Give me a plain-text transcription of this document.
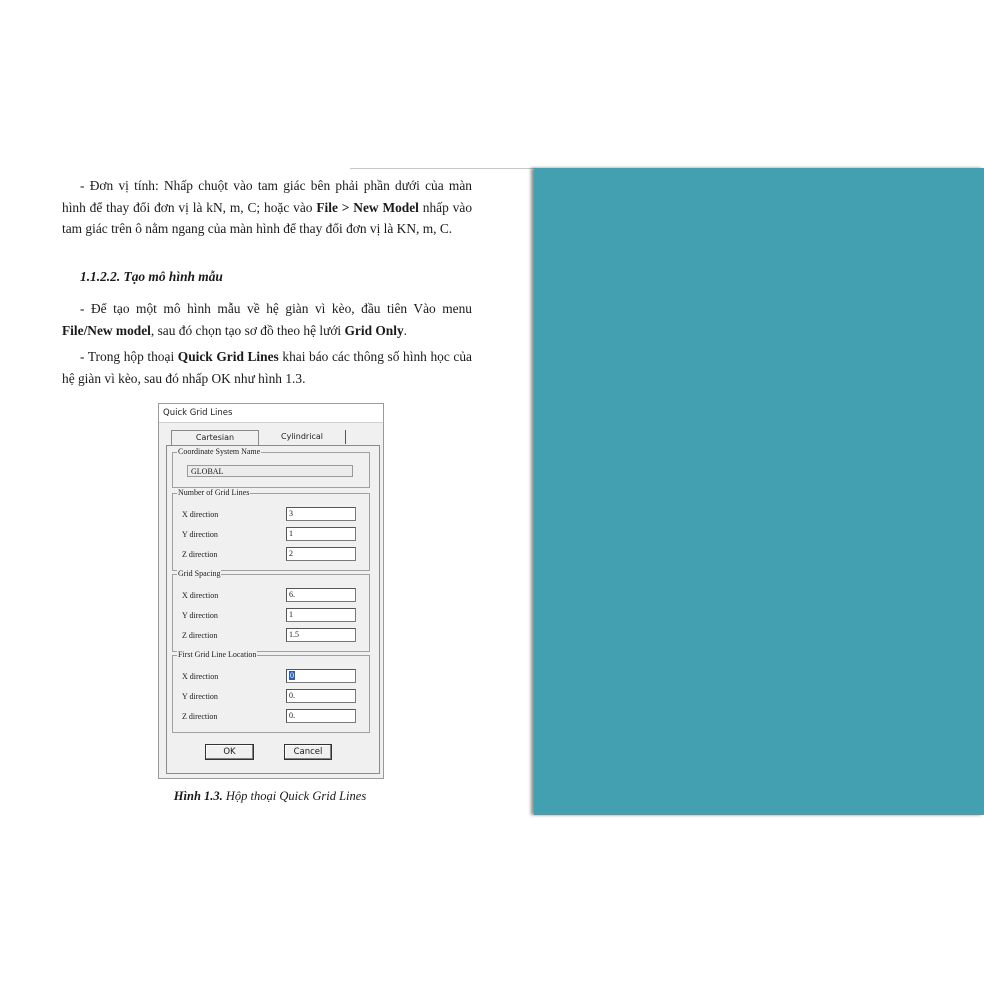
- Đơn vị tính: Nhấp chuột vào tam giác bên phải phần dưới của màn hình để thay đổi đơn vị là kN, m, C; hoặc vào File > New Model nhấp vào tam giác trên ô nằm ngang của màn hình để thay đổi đơn vị là KN, m, C.

1.1.2.2. Tạo mô hình mẫu

- Để tạo một mô hình mẫu về hệ giàn vì kèo, đầu tiên Vào menu File/New model, sau đó chọn tạo sơ đồ theo hệ lưới Grid Only.

- Trong hộp thoại Quick Grid Lines khai báo các thông số hình học của hệ giàn vì kèo, sau đó nhấp OK như hình 1.3.

Quick Grid Lines
Cartesian	Cylindrical
Coordinate System Name
GLOBAL
Number of Grid Lines
X direction	3
Y direction	1
Z direction	2
Grid Spacing
X direction	6.
Y direction	1
Z direction	1.5
First Grid Line Location
X direction	0
Y direction	0.
Z direction	0.
OK	Cancel

Hình 1.3. Hộp thoại Quick Grid Lines
